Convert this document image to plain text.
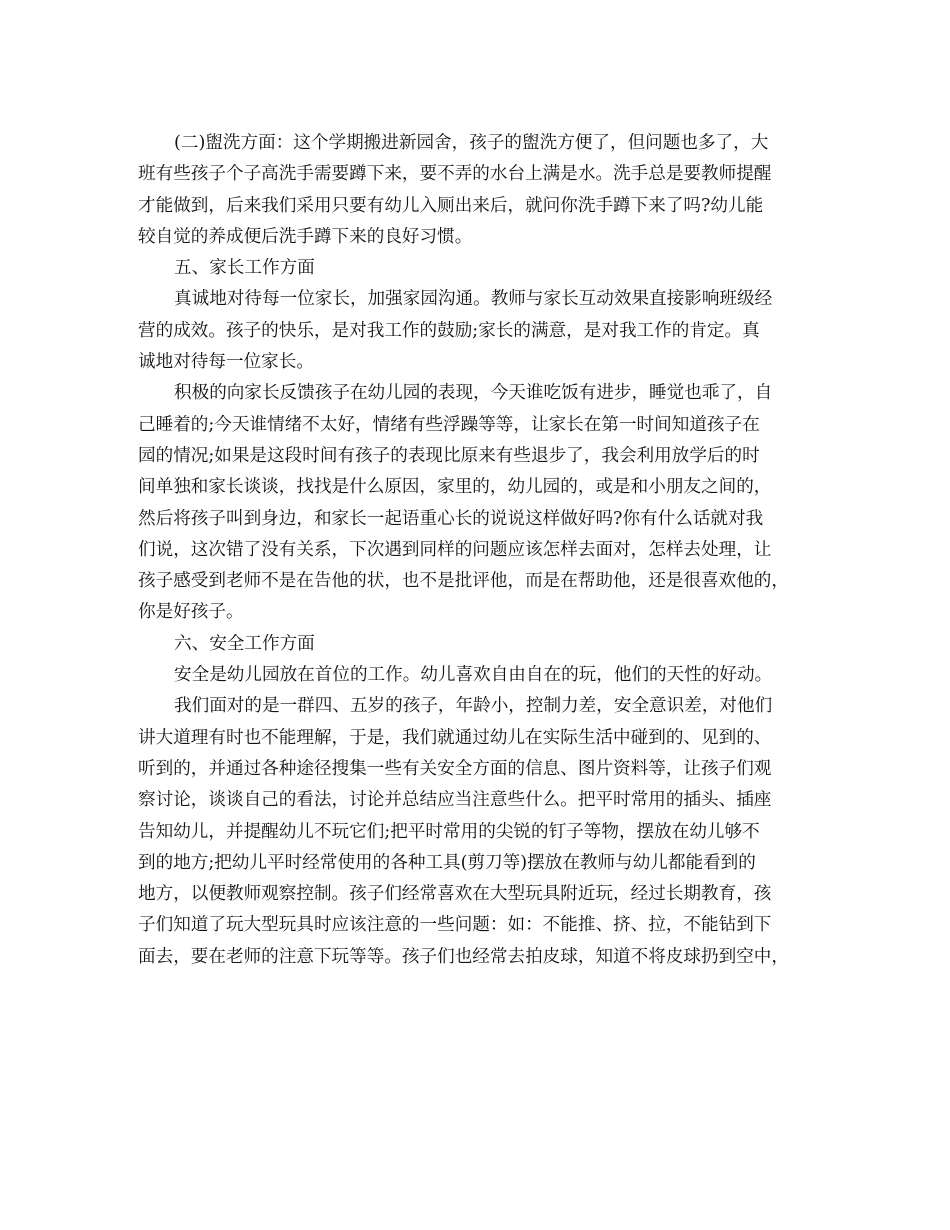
(二)盥洗方面：这个学期搬进新园舍，孩子的盥洗方便了，但问题也多了，大
班有些孩子个子高洗手需要蹲下来，要不弄的水台上满是水。洗手总是要教师提醒
才能做到，后来我们采用只要有幼儿入厕出来后，就问你洗手蹲下来了吗?幼儿能
较自觉的养成便后洗手蹲下来的良好习惯。
五、家长工作方面
真诚地对待每一位家长，加强家园沟通。教师与家长互动效果直接影响班级经
营的成效。孩子的快乐，是对我工作的鼓励;家长的满意，是对我工作的肯定。真
诚地对待每一位家长。
积极的向家长反馈孩子在幼儿园的表现，今天谁吃饭有进步，睡觉也乖了，自
己睡着的;今天谁情绪不太好，情绪有些浮躁等等，让家长在第一时间知道孩子在
园的情况;如果是这段时间有孩子的表现比原来有些退步了，我会利用放学后的时
间单独和家长谈谈，找找是什么原因，家里的，幼儿园的，或是和小朋友之间的，
然后将孩子叫到身边，和家长一起语重心长的说说这样做好吗?你有什么话就对我
们说，这次错了没有关系，下次遇到同样的问题应该怎样去面对，怎样去处理，让
孩子感受到老师不是在告他的状，也不是批评他，而是在帮助他，还是很喜欢他的，
你是好孩子。
六、安全工作方面
安全是幼儿园放在首位的工作。幼儿喜欢自由自在的玩，他们的天性的好动。
我们面对的是一群四、五岁的孩子，年龄小，控制力差，安全意识差，对他们
讲大道理有时也不能理解，于是，我们就通过幼儿在实际生活中碰到的、见到的、
听到的，并通过各种途径搜集一些有关安全方面的信息、图片资料等，让孩子们观
察讨论，谈谈自己的看法，讨论并总结应当注意些什么。把平时常用的插头、插座
告知幼儿，并提醒幼儿不玩它们;把平时常用的尖锐的钉子等物，摆放在幼儿够不
到的地方;把幼儿平时经常使用的各种工具(剪刀等)摆放在教师与幼儿都能看到的
地方，以便教师观察控制。孩子们经常喜欢在大型玩具附近玩，经过长期教育，孩
子们知道了玩大型玩具时应该注意的一些问题：如：不能推、挤、拉，不能钻到下
面去，要在老师的注意下玩等等。孩子们也经常去拍皮球，知道不将皮球扔到空中，
